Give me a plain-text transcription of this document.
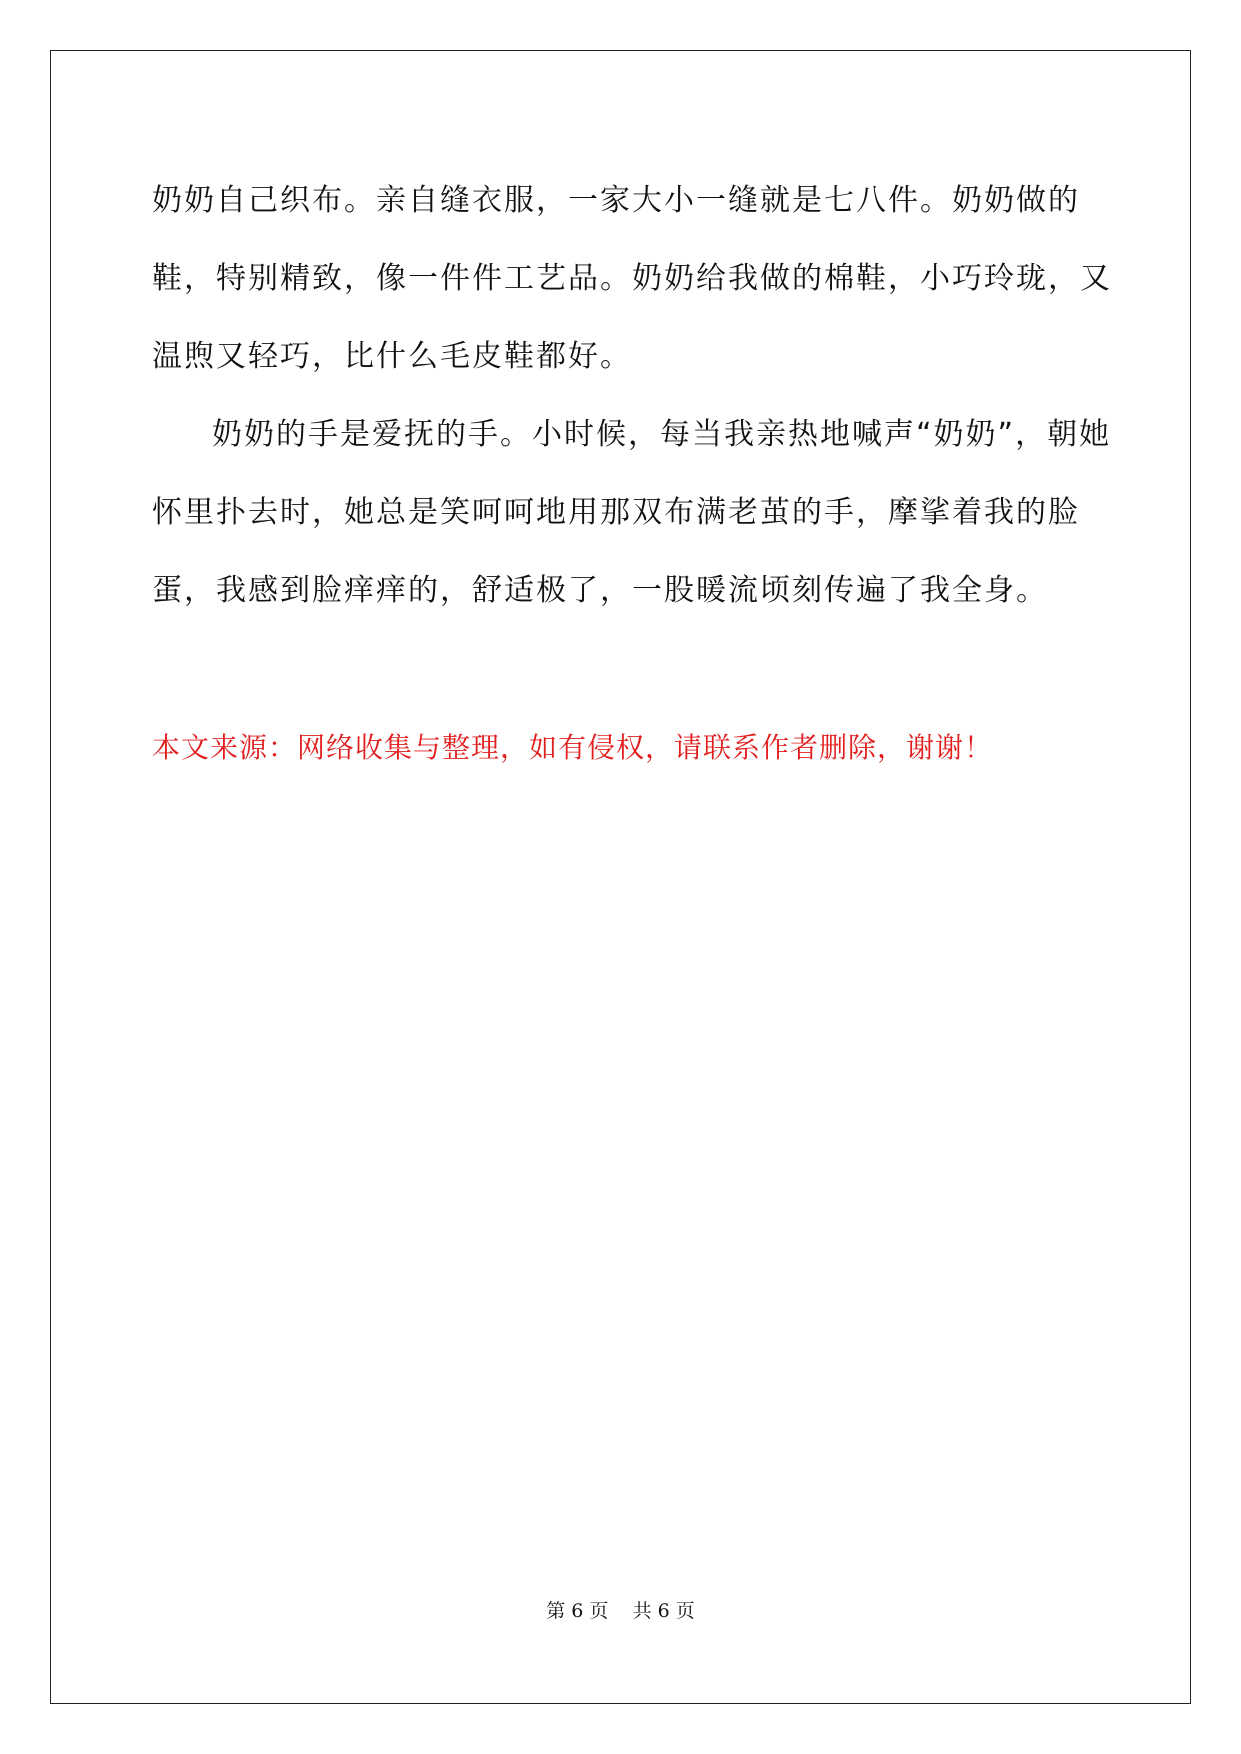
奶奶自己织布。亲自缝衣服，一家大小一缝就是七八件。奶奶做的鞋，特别精致，像一件件工艺品。奶奶给我做的棉鞋，小巧玲珑，又温煦又轻巧，比什么毛皮鞋都好。

奶奶的手是爱抚的手。小时候，每当我亲热地喊声“奶奶”，朝她怀里扑去时，她总是笑呵呵地用那双布满老茧的手，摩挲着我的脸蛋，我感到脸痒痒的，舒适极了，一股暖流顷刻传遍了我全身。

本文来源：网络收集与整理，如有侵权，请联系作者删除，谢谢！
第 6 页    共 6 页
